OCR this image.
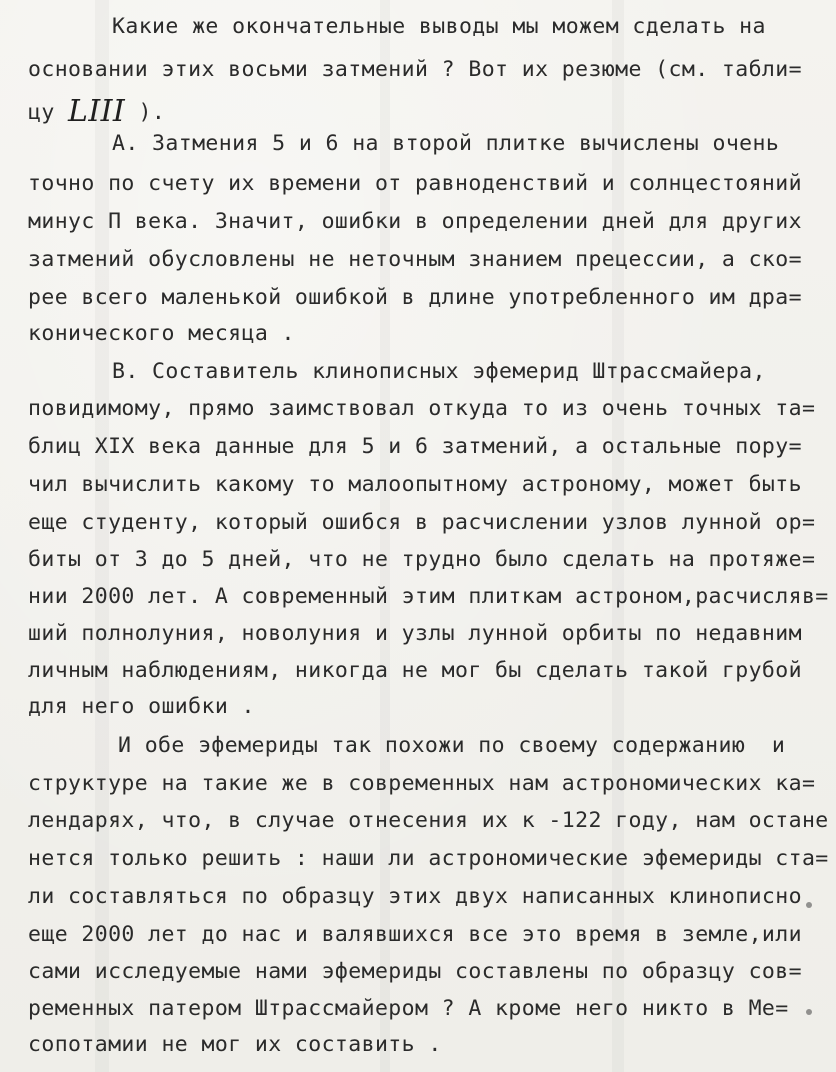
Какие же окончательные выводы мы можем сделать на
основании этих восьми затмений ? Вот их резюме (см. табли=
цу LIII ).
А. Затмения 5 и 6 на второй плитке вычислены очень
точно по счету их времени от равноденствий и солнцестояний
минус П века. Значит, ошибки в определении дней для других
затмений обусловлены не неточным знанием прецессии, а ско=
рее всего маленькой ошибкой в длине употребленного им дра=
конического месяца .
В. Составитель клинописных эфемерид Штрассмайера,
повидимому, прямо заимствовал откуда то из очень точных та=
блиц XIX века данные для 5 и 6 затмений, а остальные пору=
чил вычислить какому то малоопытному астроному, может быть
еще студенту, который ошибся в расчислении узлов лунной ор=
биты от 3 до 5 дней, что не трудно было сделать на протяже=
нии 2000 лет. А современный этим плиткам астроном,расчисляв=
ший полнолуния, новолуния и узлы лунной орбиты по недавним
личным наблюдениям, никогда не мог бы сделать такой грубой
для него ошибки .
И обе эфемериды так похожи по своему содержанию  и
структуре на такие же в современных нам астрономических ка=
лендарях, что, в случае отнесения их к -122 году, нам остане
нется только решить : наши ли астрономические эфемериды ста=
ли составляться по образцу этих двух написанных клинописно
еще 2000 лет до нас и валявшихся все это время в земле,или
сами исследуемые нами эфемериды составлены по образцу сов=
ременных патером Штрассмайером ? А кроме него никто в Ме=
сопотамии не мог их составить .
